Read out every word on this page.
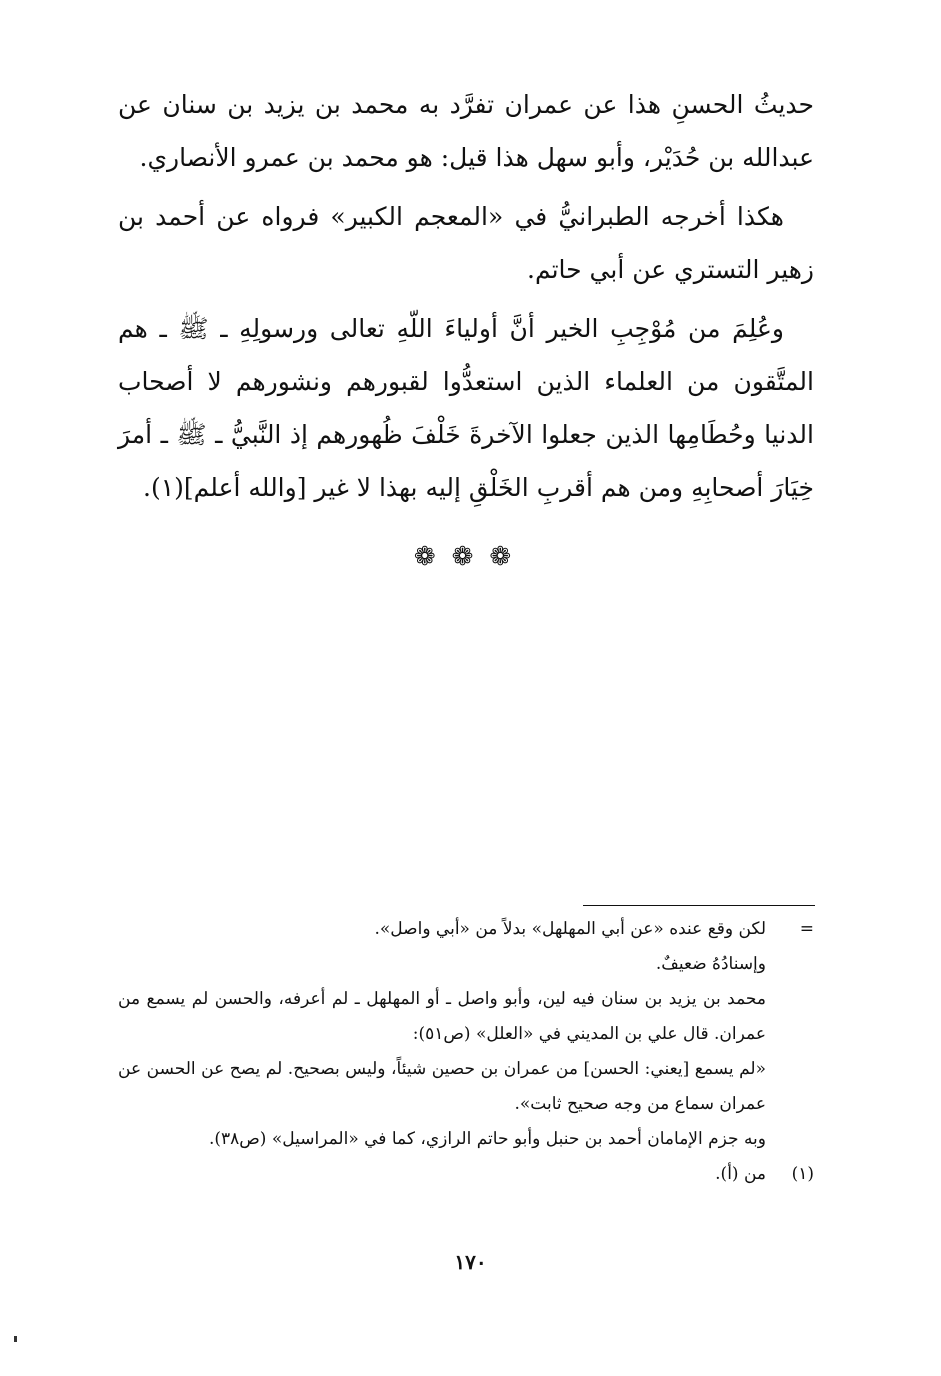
حديثُ الحسنِ هذا عن عمران تفرَّد به محمد بن يزيد بن سنان عن عبدالله بن حُدَيْر، وأبو سهل هذا قيل: هو محمد بن عمرو الأنصاري.

هكذا أخرجه الطبرانيُّ في «المعجم الكبير» فرواه عن أحمد بن زهير التستري عن أبي حاتم.

وعُلِمَ من مُوْجِبِ الخير أنَّ أولياءَ اللّهِ تعالى ورسولِهِ ـ ﷺ ـ هم المتَّقون من العلماء الذين استعدُّوا لقبورهم ونشورهم لا أصحاب الدنيا وحُطَامِها الذين جعلوا الآخرةَ خَلْفَ ظُهورهم إذ النَّبيُّ ـ ﷺ ـ أمرَ خِيَارَ أصحابِهِ ومن هم أقربِ الخَلْقِ إليه بهذا لا غير [والله أعلم](١).

❁❁❁
=
لكن وقع عنده «عن أبي المهلهل» بدلاً من «أبي واصل».
وإسنادُهُ ضعيفٌ.
محمد بن يزيد بن سنان فيه لين، وأبو واصل ـ أو المهلهل ـ لم أعرفه، والحسن لم يسمع من عمران. قال علي بن المديني في «العلل» (ص٥١):
«لم يسمع [يعني: الحسن] من عمران بن حصين شيئاً، وليس بصحيح. لم يصح عن الحسن عن عمران سماع من وجه صحيح ثابت».
وبه جزم الإمامان أحمد بن حنبل وأبو حاتم الرازي، كما في «المراسيل» (ص٣٨).
(١)
من (أ).
١٧٠
